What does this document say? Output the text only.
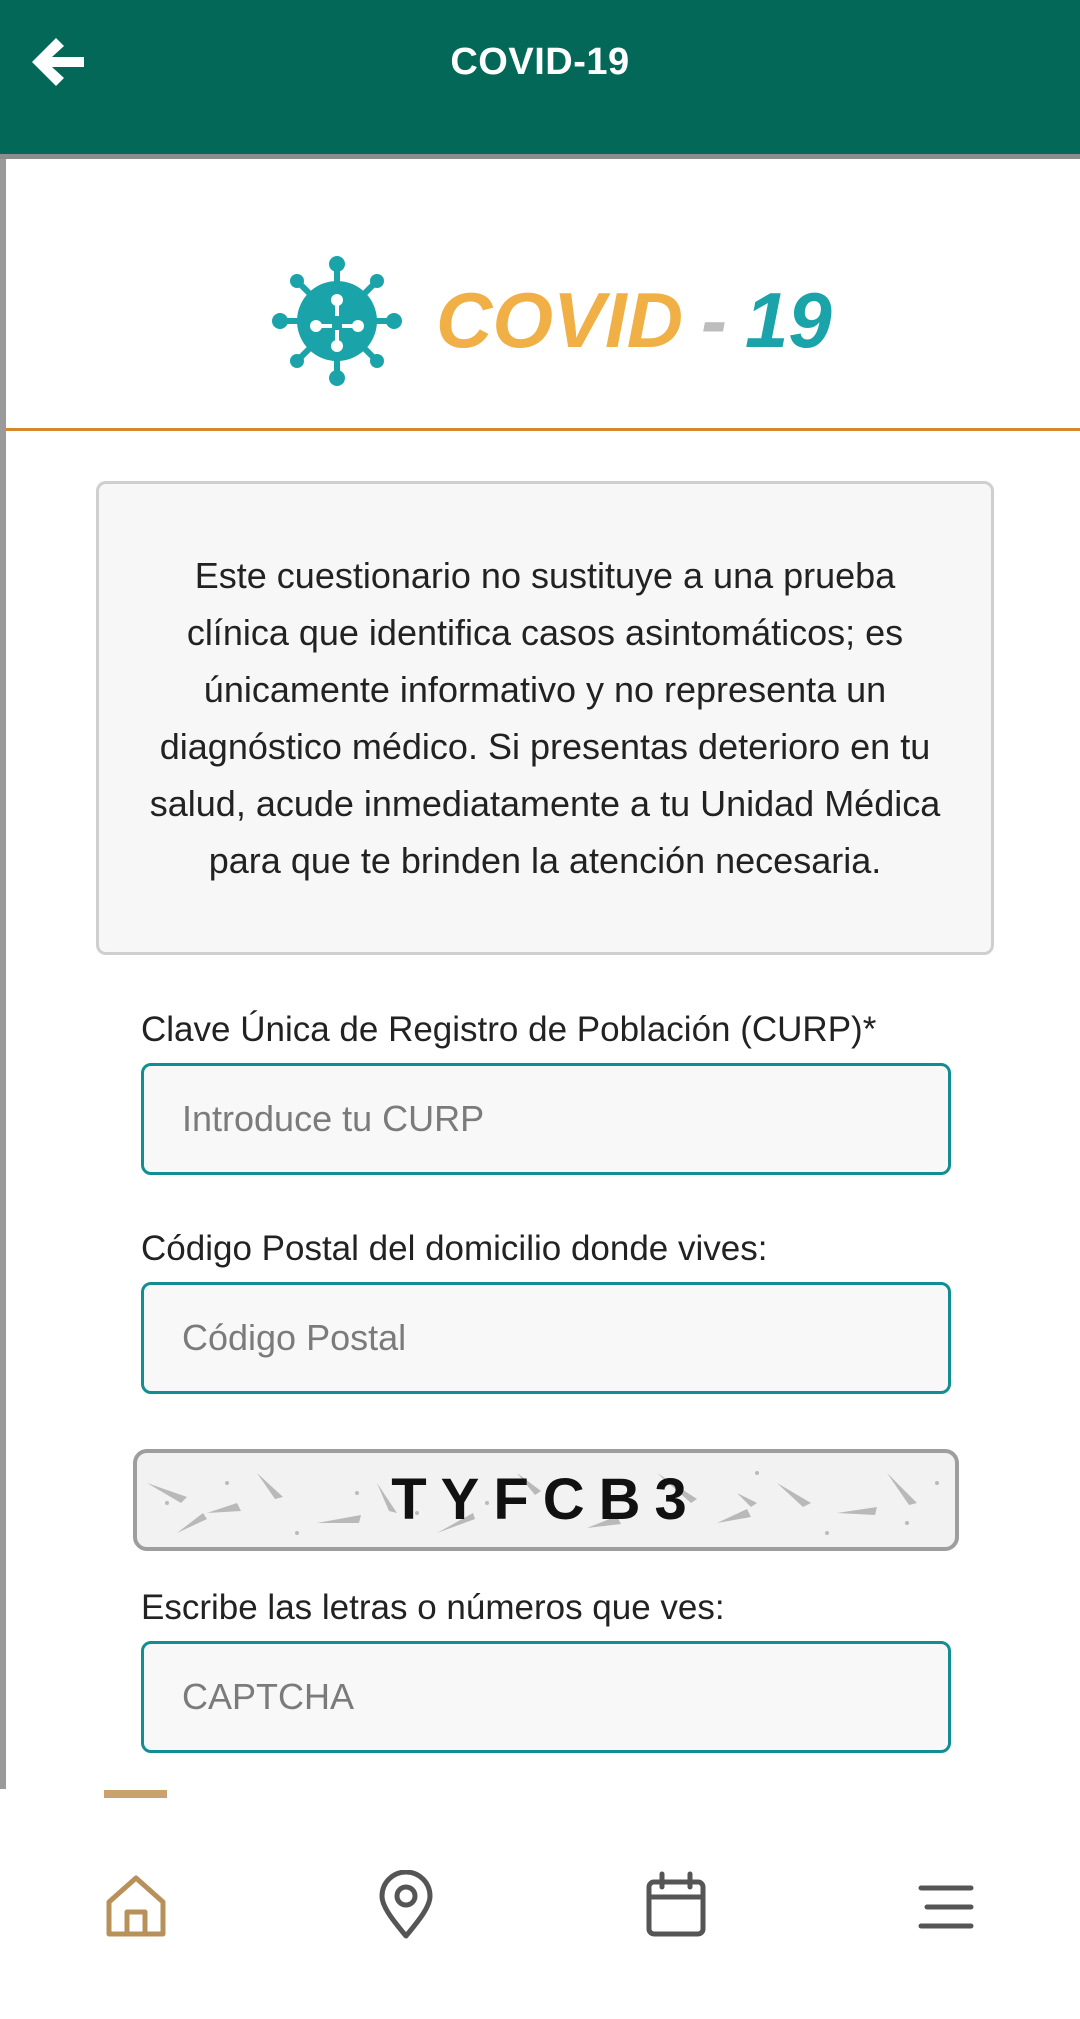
COVID-19
COVID - 19

Este cuestionario no sustituye a una prueba clínica que identifica casos asintomáticos; es únicamente informativo y no representa un diagnóstico médico. Si presentas deterioro en tu salud, acude inmediatamente a tu Unidad Médica para que te brinden la atención necesaria.

Clave Única de Registro de Población (CURP)*
Introduce tu CURP
Código Postal del domicilio donde vives:
Código Postal
TYFCB3
Escribe las letras o números que ves:
CAPTCHA
